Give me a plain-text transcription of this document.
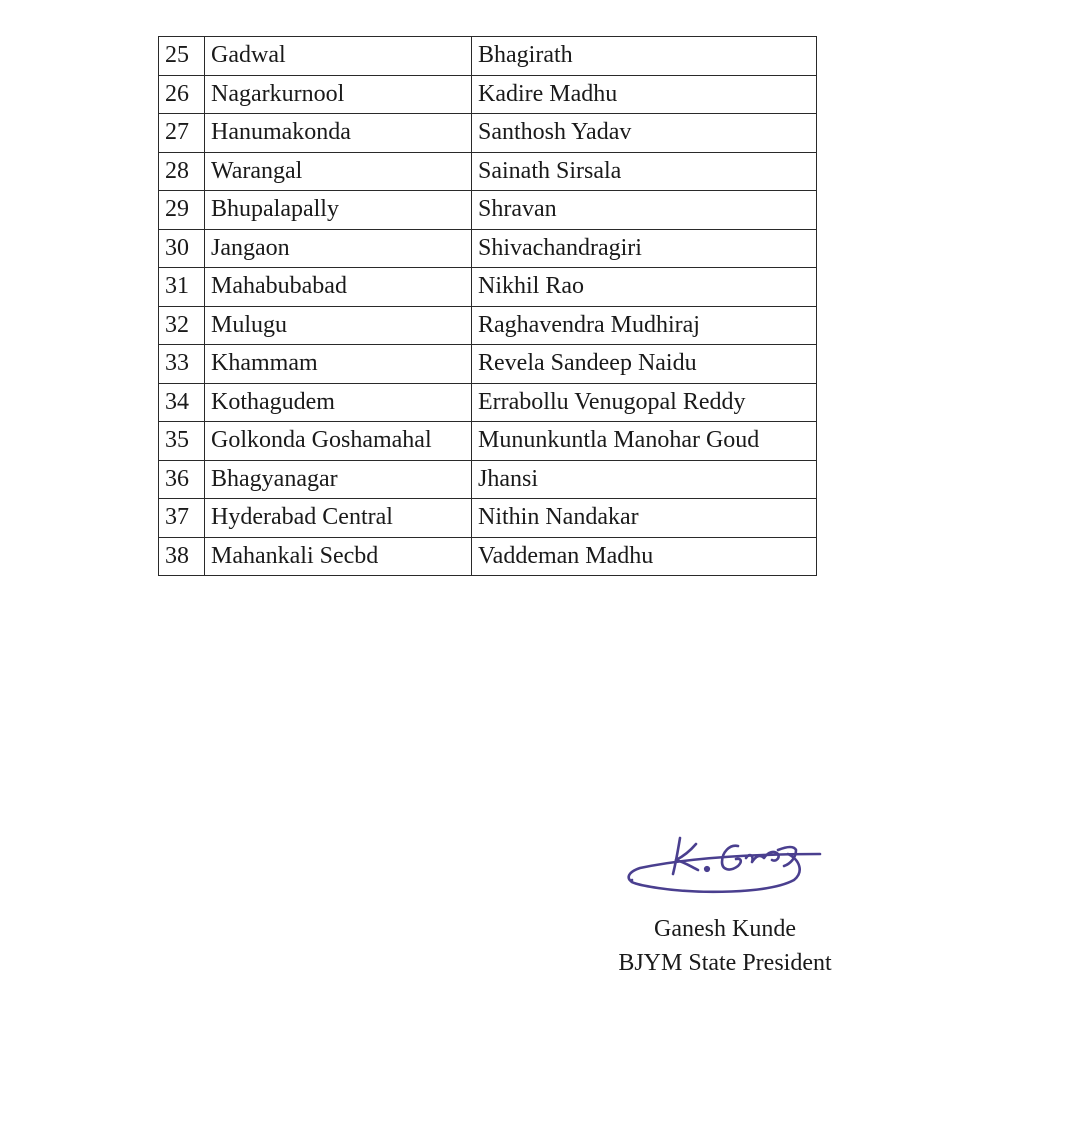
25	Gadwal	Bhagirath
26	Nagarkurnool	Kadire Madhu
27	Hanumakonda	Santhosh Yadav
28	Warangal	Sainath Sirsala
29	Bhupalapally	Shravan
30	Jangaon	Shivachandragiri
31	Mahabubabad	Nikhil Rao
32	Mulugu	Raghavendra Mudhiraj
33	Khammam	Revela Sandeep Naidu
34	Kothagudem	Errabollu Venugopal Reddy
35	Golkonda Goshamahal	Mununkuntla Manohar Goud
36	Bhagyanagar	Jhansi
37	Hyderabad Central	Nithin Nandakar
38	Mahankali Secbd	Vaddeman Madhu
Ganesh Kunde
BJYM State President
